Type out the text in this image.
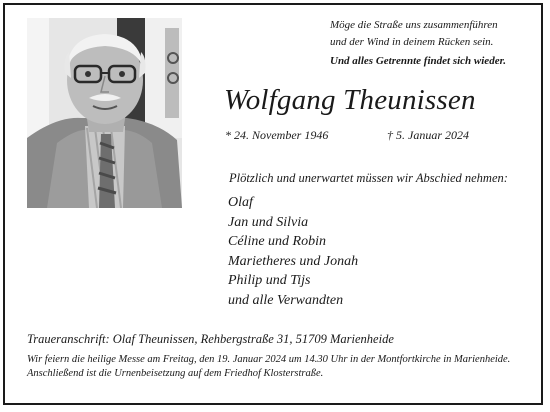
Möge die Straße uns zusammenführen
und der Wind in deinem Rücken sein.
Und alles Getrennte findet sich wieder.
Wolfgang Theunissen
* 24. November 1946	† 5. Januar 2024
Plötzlich und unerwartet müssen wir Abschied nehmen:
Olaf
Jan und Silvia
Céline und Robin
Marietheres und Jonah
Philip und Tijs
und alle Verwandten
Traueranschrift: Olaf Theunissen, Rehbergstraße 31, 51709 Marienheide
Wir feiern die heilige Messe am Freitag, den 19. Januar 2024 um 14.30 Uhr in der Montfortkirche in Marienheide.
Anschließend ist die Urnenbeisetzung auf dem Friedhof Klosterstraße.
